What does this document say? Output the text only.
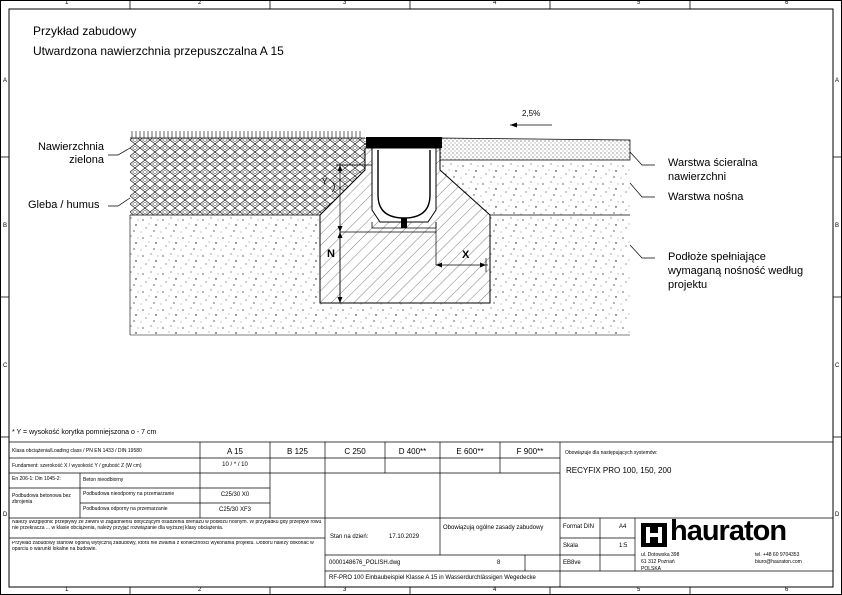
1	2	3	4	5	6
1	2	3	4	5	6
A
B
C
D
A
B
C
D
Przykład zabudowy
Utwardzona nawierzchnia przepuszczalna A 15
2,5%
Nawierzchnia
zielona
Gleba / humus
Warstwa ścieralna
nawierzchni
Warstwa nośna
Podłoże spełniające
wymaganą nośność według
projektu
N	X
Y
* Y = wysokość korytka pomniejszona o - 7 cm
Klasa obciążenia/Loading class / PN EN 1433 / DIN 19580	A 15	B 125	C 250	D 400**	E 600**	F 900**
Fundament: szerokość X / wysokość Y / grubość Z (W cm)	10 / * / 10
En 206-1: Din 1045-2:	Beton nieodbiorny
Podbudowa betonowa bez zbrojenia
Podbudowa nieodporny na przemarzanie	C25/30 X0
Podbudowa odporny na przemarzanie	C25/30 XF3
Obowiązuje dla następujących systemów:
RECYFIX PRO 100, 150, 200
Należy uwzględnić przepływy ze zlewni w zagadnieniu dotyczącym osadzenia drenażu w podłożu nośnym. W przypadku gdy przepływ rowu nie przekracza ... w klasie obciążenia, należy przyjąć rozwiązanie dla wyższej klasy obciążenia.
Przykład zabudowy stanowi ogólną wytyczną zabudowy, która nie zwalnia z konieczności wykonania projektu. Doboru należy dokonać w oparciu o warunki lokalne na budowie.
Obowiązują ogólne zasady zabudowy
Stan na dzień:	17.10.2029
Format DIN	A4
Skala	1:5
0000148676_POLISH.dwg	8	EB8ve
RF-PRO 100 Einbaubeispiel Klasse A 15 in Wasserdurchlässigen Wegedecke
hauraton
ul. Dotowska 398
61 312 Poznań
POLSKA
tel. +48 60 9704353
biuro@hauraton.com
